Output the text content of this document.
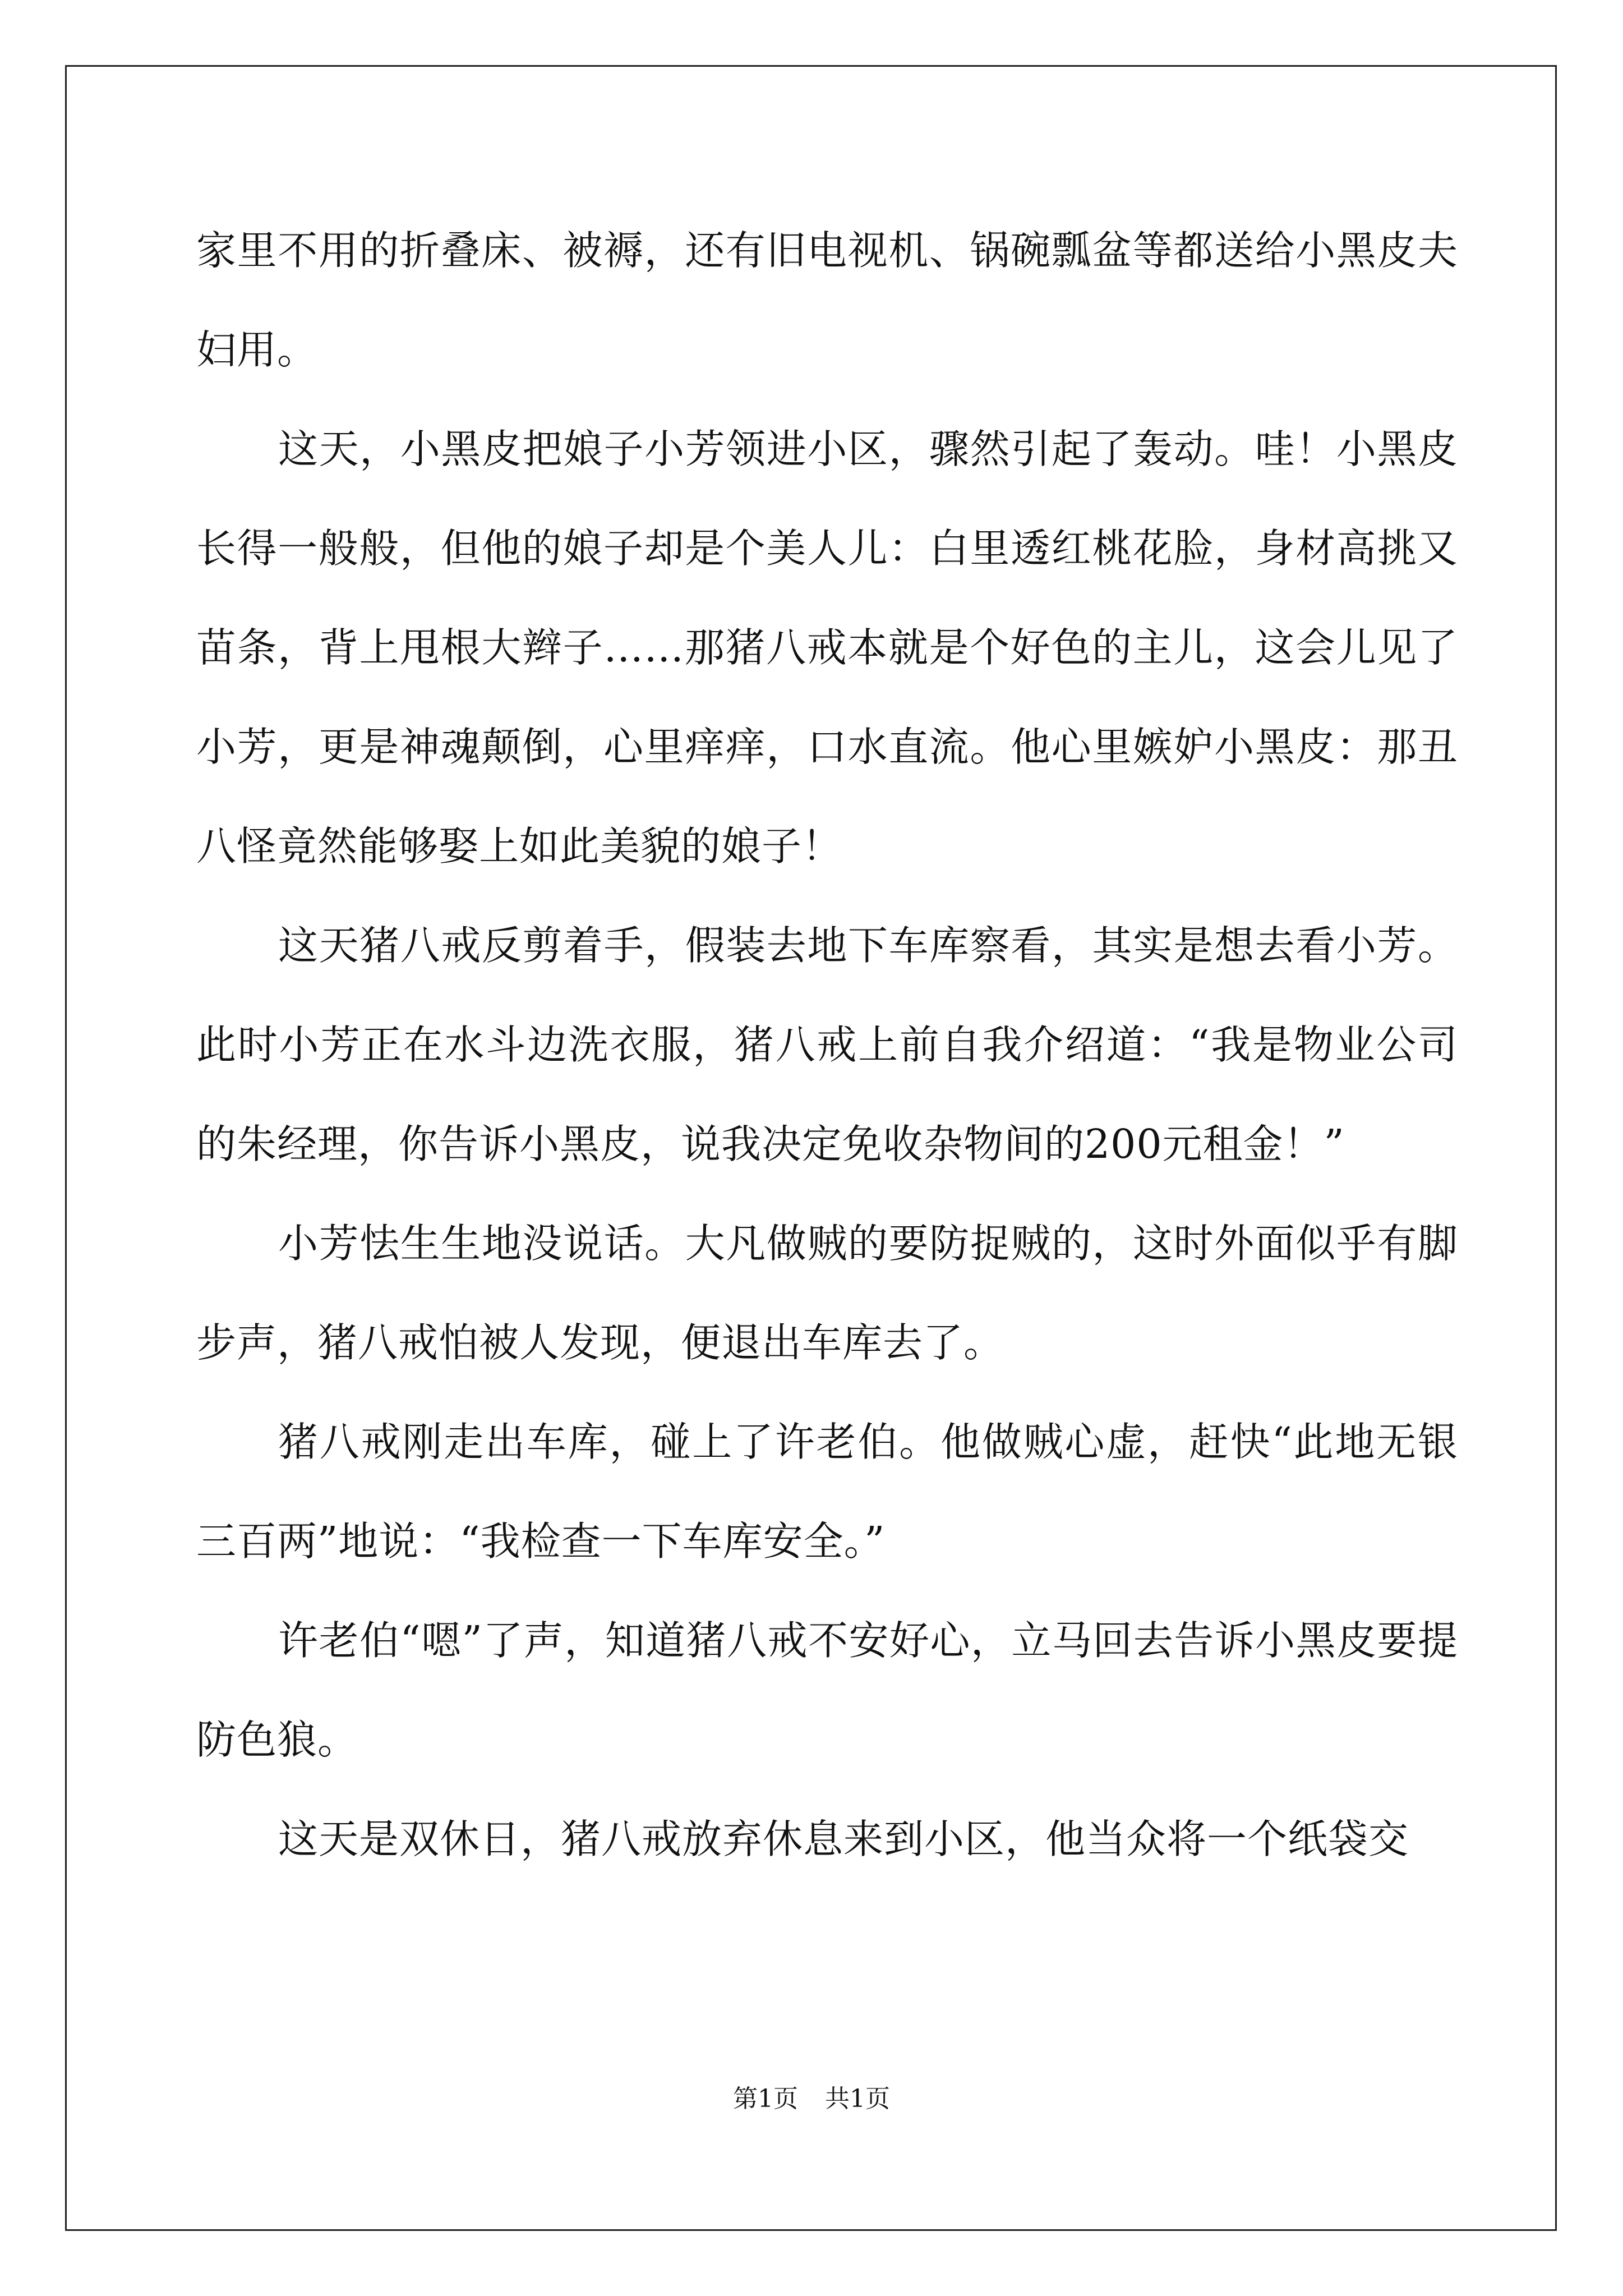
家里不用的折叠床、被褥，还有旧电视机、锅碗瓢盆等都送给小黑皮夫妇用。

这天，小黑皮把娘子小芳领进小区，骤然引起了轰动。哇！小黑皮长得一般般，但他的娘子却是个美人儿：白里透红桃花脸，身材高挑又苗条，背上甩根大辫子……那猪八戒本就是个好色的主儿，这会儿见了小芳，更是神魂颠倒，心里痒痒，口水直流。他心里嫉妒小黑皮：那丑八怪竟然能够娶上如此美貌的娘子！

这天猪八戒反剪着手，假装去地下车库察看，其实是想去看小芳。此时小芳正在水斗边洗衣服，猪八戒上前自我介绍道：“我是物业公司的朱经理，你告诉小黑皮，说我决定免收杂物间的200元租金！”

小芳怯生生地没说话。大凡做贼的要防捉贼的，这时外面似乎有脚步声，猪八戒怕被人发现，便退出车库去了。

猪八戒刚走出车库，碰上了许老伯。他做贼心虚，赶快“此地无银三百两”地说：“我检查一下车库安全。”

许老伯“嗯”了声，知道猪八戒不安好心，立马回去告诉小黑皮要提防色狼。

这天是双休日，猪八戒放弃休息来到小区，他当众将一个纸袋交

第1页 共1页
